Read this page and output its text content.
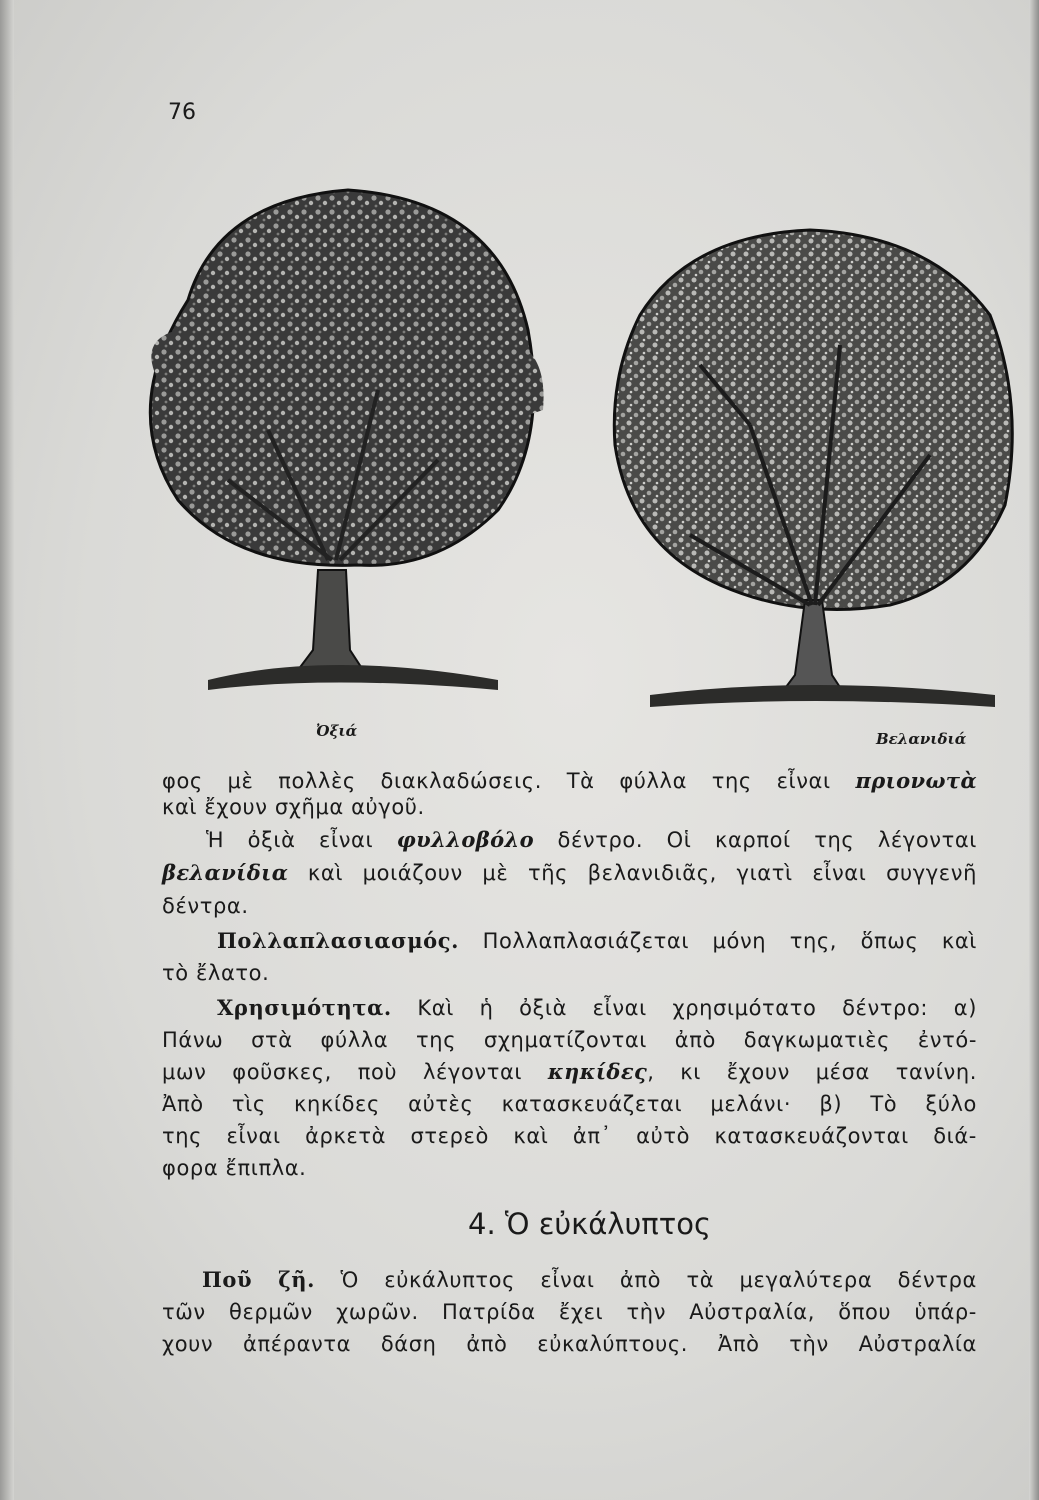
76
Ὀξιά	Βελανιδιά
φος μὲ πολλὲς διακλαδώσεις. Τὰ φύλλα της εἶναι πριονωτὰ
καὶ ἔχουν σχῆμα αὐγοῦ.
Ἡ ὀξιὰ εἶναι φυλλοβόλο δέντρο. Οἱ καρποί της λέγονται
βελανίδια καὶ μοιάζουν μὲ τῆς βελανιδιᾶς, γιατὶ εἶναι συγγενῆ
δέντρα.
Πολλαπλασιασμός. Πολλαπλασιάζεται μόνη της, ὅπως καὶ
τὸ ἔλατο.
Χρησιμότητα. Καὶ ἡ ὀξιὰ εἶναι χρησιμότατο δέντρο: α)
Πάνω στὰ φύλλα της σχηματίζονται ἀπὸ δαγκωματιὲς ἐντό-
μων φοῦσκες, ποὺ λέγονται κηκίδες, κι ἔχουν μέσα τανίνη.
Ἀπὸ τὶς κηκίδες αὐτὲς κατασκευάζεται μελάνι· β) Τὸ ξύλο
της εἶναι ἀρκετὰ στερεὸ καὶ ἀπ᾿ αὐτὸ κατασκευάζονται διά-
φορα ἔπιπλα.
4. Ὁ εὐκάλυπτος
Ποῦ ζῆ. Ὁ εὐκάλυπτος εἶναι ἀπὸ τὰ μεγαλύτερα δέντρα
τῶν θερμῶν χωρῶν. Πατρίδα ἔχει τὴν Αὐστραλία, ὅπου ὑπάρ-
χουν ἀπέραντα δάση ἀπὸ εὐκαλύπτους. Ἀπὸ τὴν Αὐστραλία
